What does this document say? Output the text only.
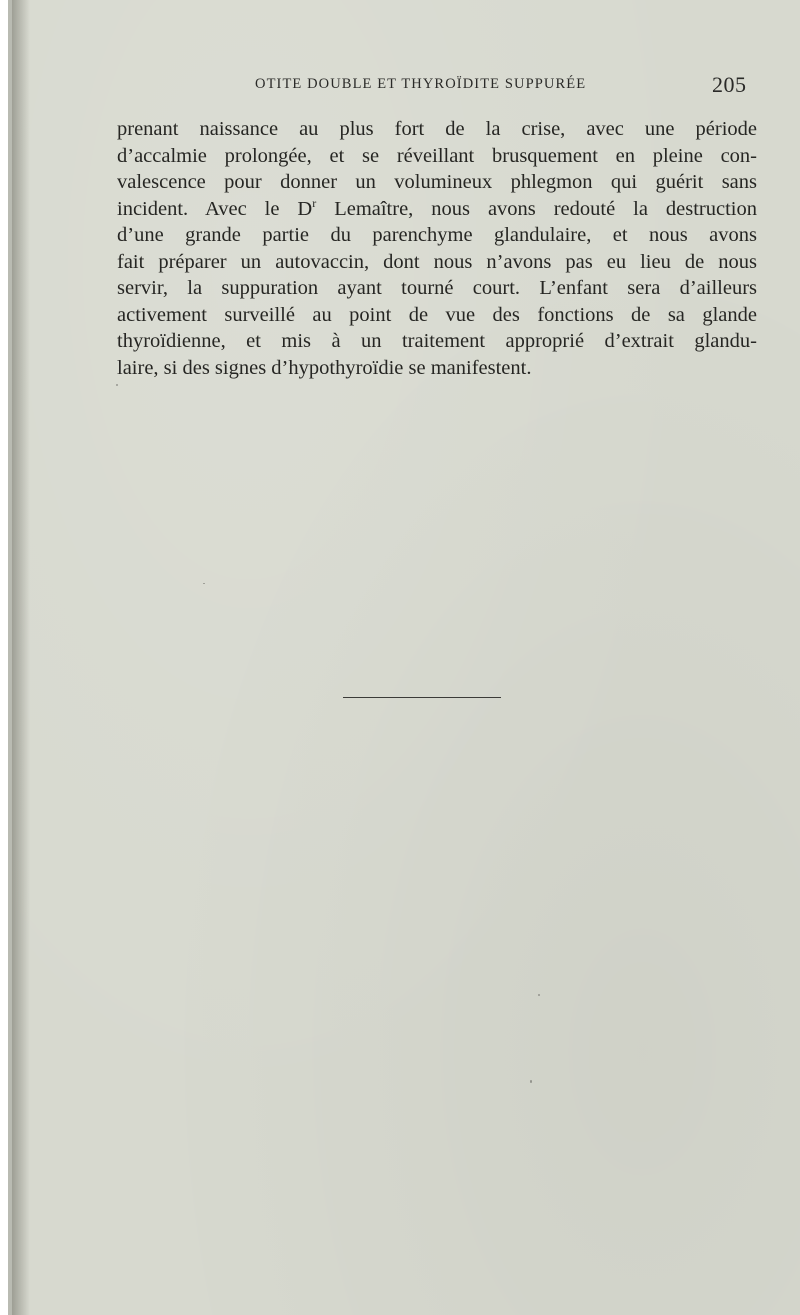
OTITE DOUBLE ET THYROÏDITE SUPPURÉE	205
prenant naissance au plus fort de la crise, avec une période
d’accalmie prolongée, et se réveillant brusquement en pleine con-
valescence pour donner un volumineux phlegmon qui guérit sans
incident. Avec le $D^r$ Lemaître, nous avons redouté la destruction
d’une grande partie du parenchyme glandulaire, et nous avons
fait préparer un autovaccin, dont nous n’avons pas eu lieu de nous
servir, la suppuration ayant tourné court. L’enfant sera d’ailleurs
activement surveillé au point de vue des fonctions de sa glande
thyroïdienne, et mis à un traitement approprié d’extrait glandu-
laire, si des signes d’hypothyroïdie se manifestent.
